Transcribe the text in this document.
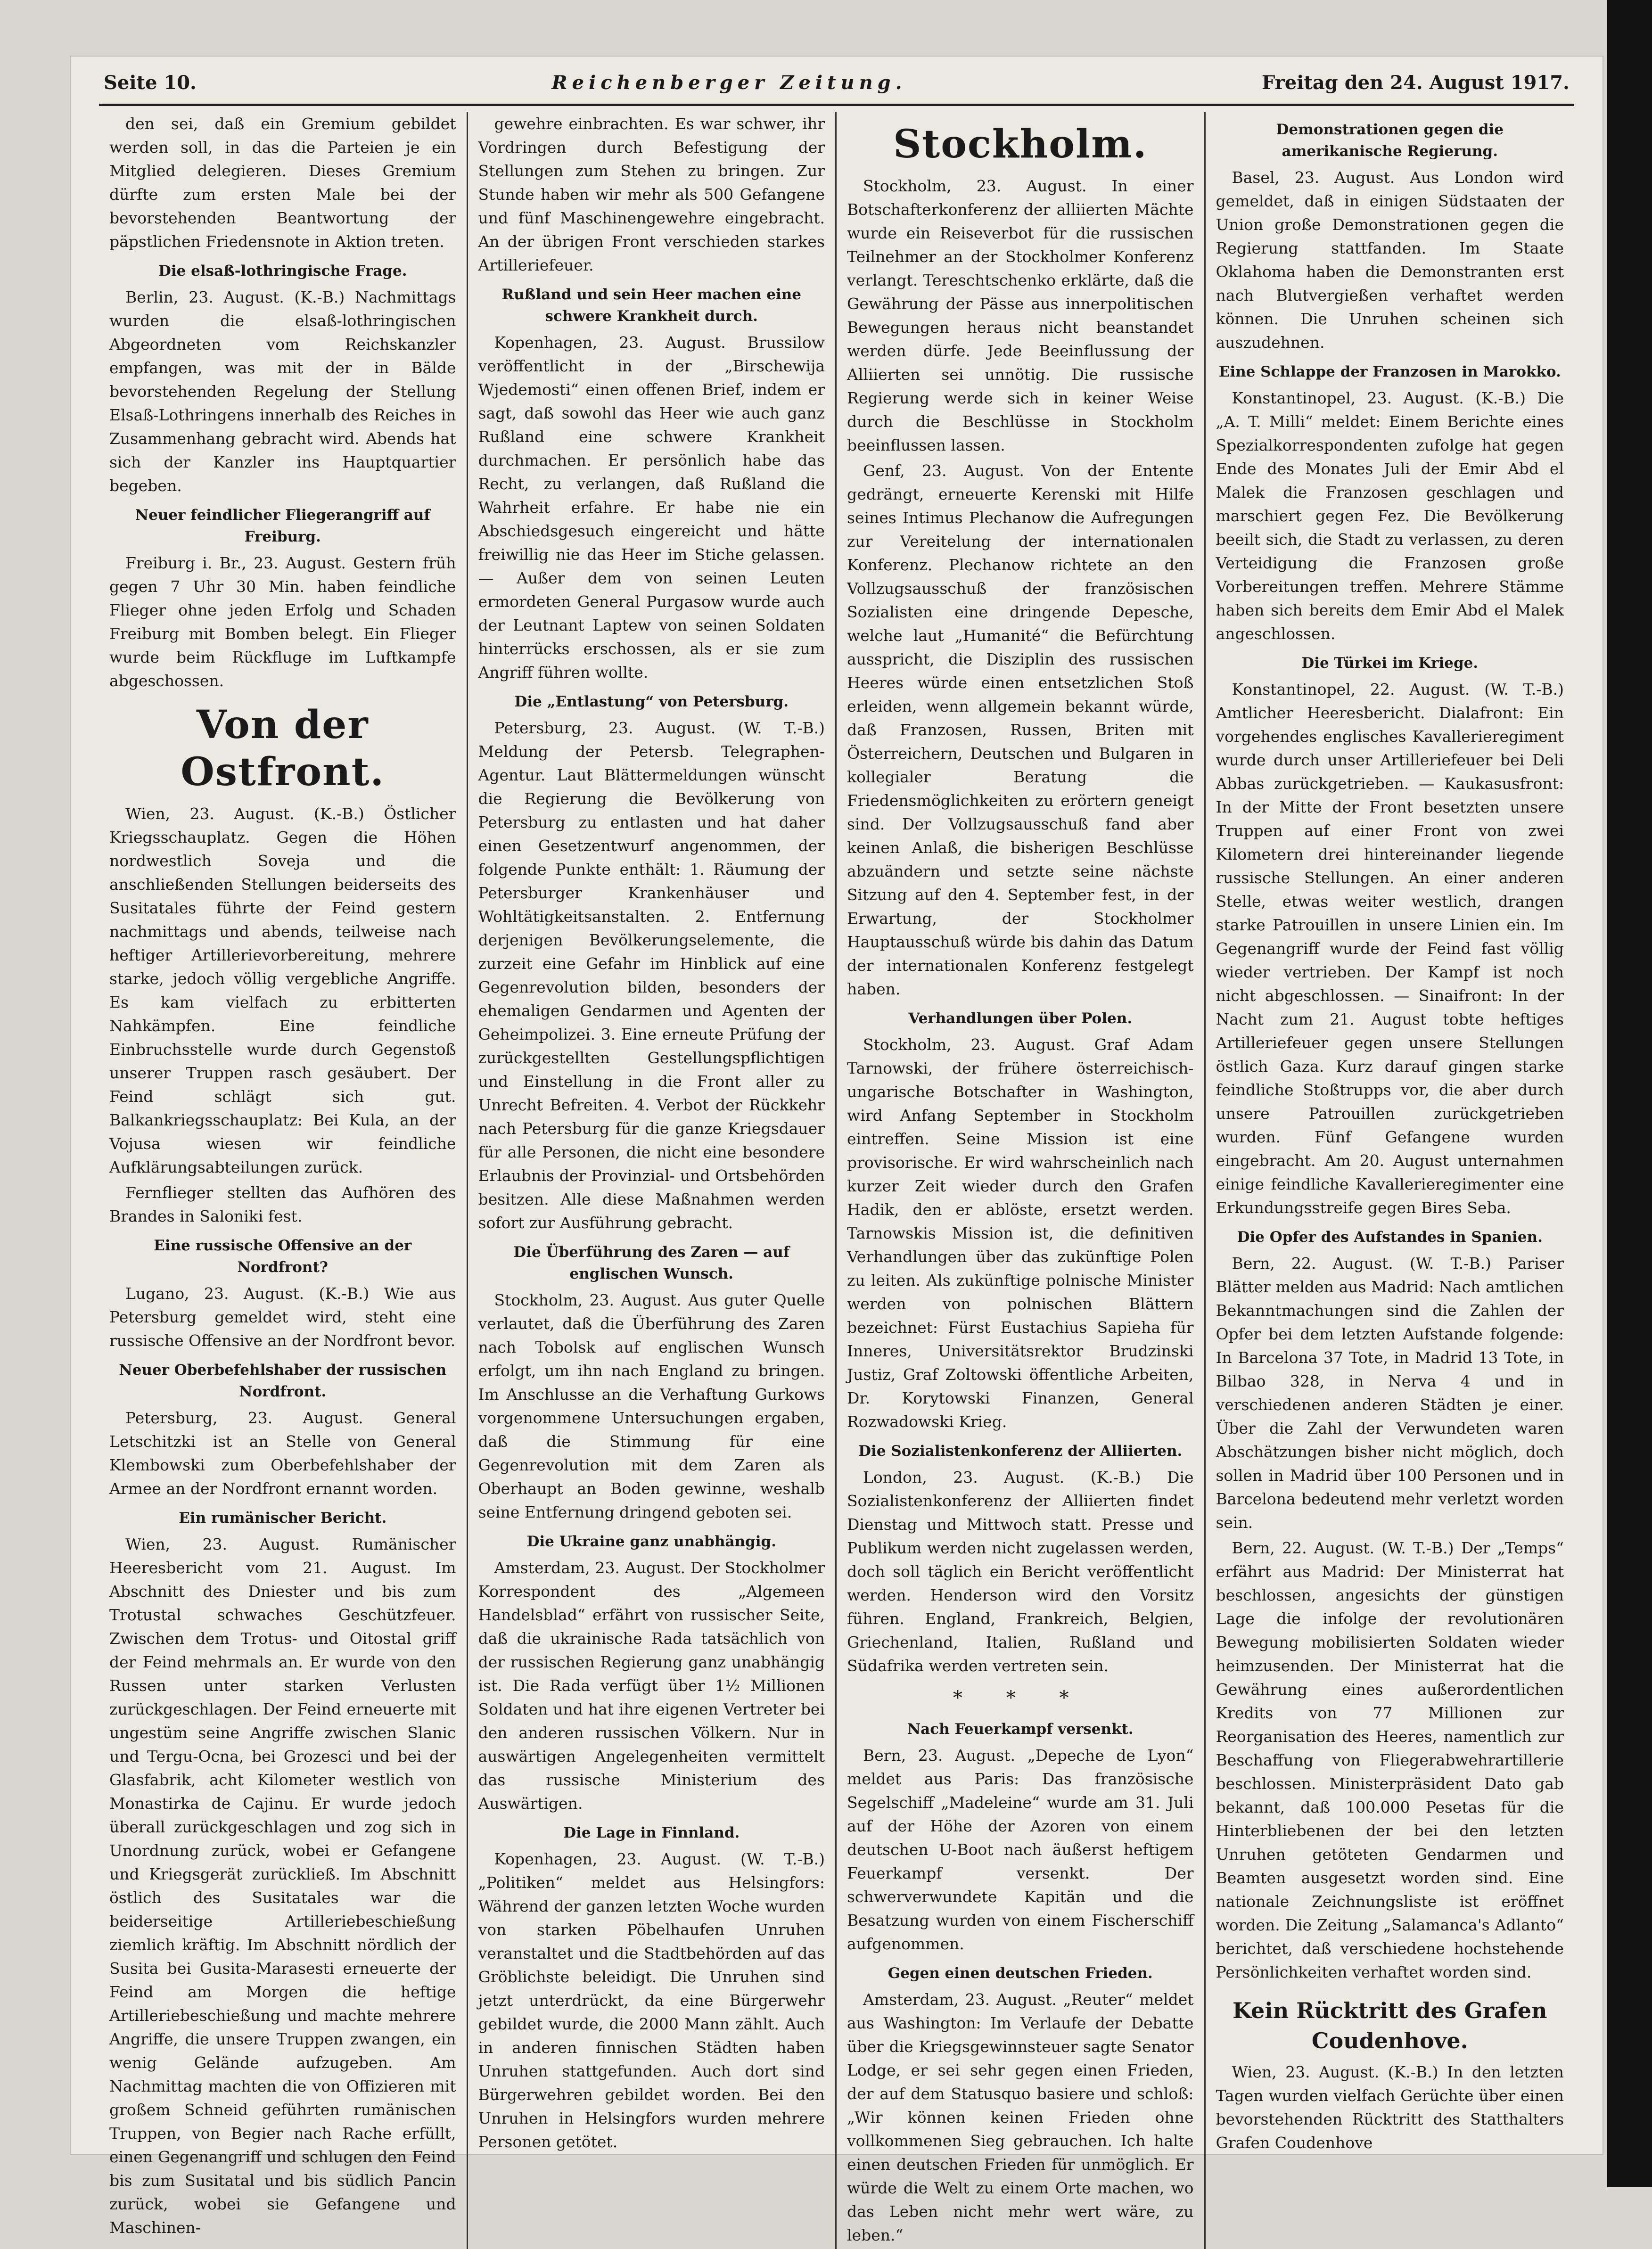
Seite 10.	Reichenberger Zeitung.	Freitag den 24. August 1917.

den sei, daß ein Gremium gebildet werden soll, in das die Parteien je ein Mitglied delegieren. Dieses Gremium dürfte zum ersten Male bei der bevorstehenden Beantwortung der päpstlichen Friedensnote in Aktion treten.

Die elsaß-lothringische Frage.

Berlin, 23. August. (K.-B.) Nachmittags wurden die elsaß-lothringischen Abgeordneten vom Reichskanzler empfangen, was mit der in Bälde bevorstehenden Regelung der Stellung Elsaß-Lothringens innerhalb des Reiches in Zusammenhang gebracht wird. Abends hat sich der Kanzler ins Hauptquartier begeben.

Neuer feindlicher Fliegerangriff auf Freiburg.

Freiburg i. Br., 23. August. Gestern früh gegen 7 Uhr 30 Min. haben feindliche Flieger ohne jeden Erfolg und Schaden Freiburg mit Bomben belegt. Ein Flieger wurde beim Rückfluge im Luftkampfe abgeschossen.

Von der Ostfront.

Wien, 23. August. (K.-B.) Östlicher Kriegsschauplatz. Gegen die Höhen nordwestlich Soveja und die anschließenden Stellungen beiderseits des Susitatales führte der Feind gestern nachmittags und abends, teilweise nach heftiger Artillerievorbereitung, mehrere starke, jedoch völlig vergebliche Angriffe. Es kam vielfach zu erbitterten Nahkämpfen. Eine feindliche Einbruchsstelle wurde durch Gegenstoß unserer Truppen rasch gesäubert. Der Feind schlägt sich gut. Balkankriegsschauplatz: Bei Kula, an der Vojusa wiesen wir feindliche Aufklärungsabteilungen zurück.

Fernflieger stellten das Aufhören des Brandes in Saloniki fest.

Eine russische Offensive an der Nordfront?

Lugano, 23. August. (K.-B.) Wie aus Petersburg gemeldet wird, steht eine russische Offensive an der Nordfront bevor.

Neuer Oberbefehlshaber der russischen Nordfront.

Petersburg, 23. August. General Letschitzki ist an Stelle von General Klembowski zum Oberbefehlshaber der Armee an der Nordfront ernannt worden.

Ein rumänischer Bericht.

Wien, 23. August. Rumänischer Heeresbericht vom 21. August. Im Abschnitt des Dniester und bis zum Trotustal schwaches Geschützfeuer. Zwischen dem Trotus- und Oitostal griff der Feind mehrmals an. Er wurde von den Russen unter starken Verlusten zurückgeschlagen. Der Feind erneuerte mit ungestüm seine Angriffe zwischen Slanic und Tergu-Ocna, bei Grozesci und bei der Glasfabrik, acht Kilometer westlich von Monastirka de Cajinu. Er wurde jedoch überall zurückgeschlagen und zog sich in Unordnung zurück, wobei er Gefangene und Kriegsgerät zurückließ. Im Abschnitt östlich des Susitatales war die beiderseitige Artilleriebeschießung ziemlich kräftig. Im Abschnitt nördlich der Susita bei Gusita-Marasesti erneuerte der Feind am Morgen die heftige Artilleriebeschießung und machte mehrere Angriffe, die unsere Truppen zwangen, ein wenig Gelände aufzugeben. Am Nachmittag machten die von Offizieren mit großem Schneid geführten rumänischen Truppen, von Begier nach Rache erfüllt, einen Gegenangriff und schlugen den Feind bis zum Susitatal und bis südlich Pancin zurück, wobei sie Gefangene und Maschinen-

gewehre einbrachten. Es war schwer, ihr Vordringen durch Befestigung der Stellungen zum Stehen zu bringen. Zur Stunde haben wir mehr als 500 Gefangene und fünf Maschinengewehre eingebracht. An der übrigen Front verschieden starkes Artilleriefeuer.

Rußland und sein Heer machen eine schwere Krankheit durch.

Kopenhagen, 23. August. Brussilow veröffentlicht in der „Birschewija Wjedemosti“ einen offenen Brief, indem er sagt, daß sowohl das Heer wie auch ganz Rußland eine schwere Krankheit durchmachen. Er persönlich habe das Recht, zu verlangen, daß Rußland die Wahrheit erfahre. Er habe nie ein Abschiedsgesuch eingereicht und hätte freiwillig nie das Heer im Stiche gelassen. — Außer dem von seinen Leuten ermordeten General Purgasow wurde auch der Leutnant Laptew von seinen Soldaten hinterrücks erschossen, als er sie zum Angriff führen wollte.

Die „Entlastung“ von Petersburg.

Petersburg, 23. August. (W. T.-B.) Meldung der Petersb. Telegraphen-Agentur. Laut Blättermeldungen wünscht die Regierung die Bevölkerung von Petersburg zu entlasten und hat daher einen Gesetzentwurf angenommen, der folgende Punkte enthält: 1. Räumung der Petersburger Krankenhäuser und Wohltätigkeitsanstalten. 2. Entfernung derjenigen Bevölkerungselemente, die zurzeit eine Gefahr im Hinblick auf eine Gegenrevolution bilden, besonders der ehemaligen Gendarmen und Agenten der Geheimpolizei. 3. Eine erneute Prüfung der zurückgestellten Gestellungspflichtigen und Einstellung in die Front aller zu Unrecht Befreiten. 4. Verbot der Rückkehr nach Petersburg für die ganze Kriegsdauer für alle Personen, die nicht eine besondere Erlaubnis der Provinzial- und Ortsbehörden besitzen. Alle diese Maßnahmen werden sofort zur Ausführung gebracht.

Die Überführung des Zaren — auf englischen Wunsch.

Stockholm, 23. August. Aus guter Quelle verlautet, daß die Überführung des Zaren nach Tobolsk auf englischen Wunsch erfolgt, um ihn nach England zu bringen. Im Anschlusse an die Verhaftung Gurkows vorgenommene Untersuchungen ergaben, daß die Stimmung für eine Gegenrevolution mit dem Zaren als Oberhaupt an Boden gewinne, weshalb seine Entfernung dringend geboten sei.

Die Ukraine ganz unabhängig.

Amsterdam, 23. August. Der Stockholmer Korrespondent des „Algemeen Handelsblad“ erfährt von russischer Seite, daß die ukrainische Rada tatsächlich von der russischen Regierung ganz unabhängig ist. Die Rada verfügt über 1½ Millionen Soldaten und hat ihre eigenen Vertreter bei den anderen russischen Völkern. Nur in auswärtigen Angelegenheiten vermittelt das russische Ministerium des Auswärtigen.

Die Lage in Finnland.

Kopenhagen, 23. August. (W. T.-B.) „Politiken“ meldet aus Helsingfors: Während der ganzen letzten Woche wurden von starken Pöbelhaufen Unruhen veranstaltet und die Stadtbehörden auf das Gröblichste beleidigt. Die Unruhen sind jetzt unterdrückt, da eine Bürgerwehr gebildet wurde, die 2000 Mann zählt. Auch in anderen finnischen Städten haben Unruhen stattgefunden. Auch dort sind Bürgerwehren gebildet worden. Bei den Unruhen in Helsingfors wurden mehrere Personen getötet.

Stockholm.

Stockholm, 23. August. In einer Botschafterkonferenz der alliierten Mächte wurde ein Reiseverbot für die russischen Teilnehmer an der Stockholmer Konferenz verlangt. Tereschtschenko erklärte, daß die Gewährung der Pässe aus innerpolitischen Bewegungen heraus nicht beanstandet werden dürfe. Jede Beeinflussung der Alliierten sei unnötig. Die russische Regierung werde sich in keiner Weise durch die Beschlüsse in Stockholm beeinflussen lassen.

Genf, 23. August. Von der Entente gedrängt, erneuerte Kerenski mit Hilfe seines Intimus Plechanow die Aufregungen zur Vereitelung der internationalen Konferenz. Plechanow richtete an den Vollzugsausschuß der französischen Sozialisten eine dringende Depesche, welche laut „Humanité“ die Befürchtung ausspricht, die Disziplin des russischen Heeres würde einen entsetzlichen Stoß erleiden, wenn allgemein bekannt würde, daß Franzosen, Russen, Briten mit Österreichern, Deutschen und Bulgaren in kollegialer Beratung die Friedensmöglichkeiten zu erörtern geneigt sind. Der Vollzugsausschuß fand aber keinen Anlaß, die bisherigen Beschlüsse abzuändern und setzte seine nächste Sitzung auf den 4. September fest, in der Erwartung, der Stockholmer Hauptausschuß würde bis dahin das Datum der internationalen Konferenz festgelegt haben.

Verhandlungen über Polen.

Stockholm, 23. August. Graf Adam Tarnowski, der frühere österreichisch-ungarische Botschafter in Washington, wird Anfang September in Stockholm eintreffen. Seine Mission ist eine provisorische. Er wird wahrscheinlich nach kurzer Zeit wieder durch den Grafen Hadik, den er ablöste, ersetzt werden. Tarnowskis Mission ist, die definitiven Verhandlungen über das zukünftige Polen zu leiten. Als zukünftige polnische Minister werden von polnischen Blättern bezeichnet: Fürst Eustachius Sapieha für Inneres, Universitätsrektor Brudzinski Justiz, Graf Zoltowski öffentliche Arbeiten, Dr. Korytowski Finanzen, General Rozwadowski Krieg.

Die Sozialistenkonferenz der Alliierten.

London, 23. August. (K.-B.) Die Sozialistenkonferenz der Alliierten findet Dienstag und Mittwoch statt. Presse und Publikum werden nicht zugelassen werden, doch soll täglich ein Bericht veröffentlicht werden. Henderson wird den Vorsitz führen. England, Frankreich, Belgien, Griechenland, Italien, Rußland und Südafrika werden vertreten sein.

* * *
Nach Feuerkampf versenkt.

Bern, 23. August. „Depeche de Lyon“ meldet aus Paris: Das französische Segelschiff „Madeleine“ wurde am 31. Juli auf der Höhe der Azoren von einem deutschen U-Boot nach äußerst heftigem Feuerkampf versenkt. Der schwerverwundete Kapitän und die Besatzung wurden von einem Fischerschiff aufgenommen.

Gegen einen deutschen Frieden.

Amsterdam, 23. August. „Reuter“ meldet aus Washington: Im Verlaufe der Debatte über die Kriegsgewinnsteuer sagte Senator Lodge, er sei sehr gegen einen Frieden, der auf dem Statusquo basiere und schloß: „Wir können keinen Frieden ohne vollkommenen Sieg gebrauchen. Ich halte einen deutschen Frieden für unmöglich. Er würde die Welt zu einem Orte machen, wo das Leben nicht mehr wert wäre, zu leben.“

Demonstrationen gegen die amerikanische Regierung.

Basel, 23. August. Aus London wird gemeldet, daß in einigen Südstaaten der Union große Demonstrationen gegen die Regierung stattfanden. Im Staate Oklahoma haben die Demonstranten erst nach Blutvergießen verhaftet werden können. Die Unruhen scheinen sich auszudehnen.

Eine Schlappe der Franzosen in Marokko.

Konstantinopel, 23. August. (K.-B.) Die „A. T. Milli“ meldet: Einem Berichte eines Spezialkorrespondenten zufolge hat gegen Ende des Monates Juli der Emir Abd el Malek die Franzosen geschlagen und marschiert gegen Fez. Die Bevölkerung beeilt sich, die Stadt zu verlassen, zu deren Verteidigung die Franzosen große Vorbereitungen treffen. Mehrere Stämme haben sich bereits dem Emir Abd el Malek angeschlossen.

Die Türkei im Kriege.

Konstantinopel, 22. August. (W. T.-B.) Amtlicher Heeresbericht. Dialafront: Ein vorgehendes englisches Kavallerieregiment wurde durch unser Artilleriefeuer bei Deli Abbas zurückgetrieben. — Kaukasusfront: In der Mitte der Front besetzten unsere Truppen auf einer Front von zwei Kilometern drei hintereinander liegende russische Stellungen. An einer anderen Stelle, etwas weiter westlich, drangen starke Patrouillen in unsere Linien ein. Im Gegenangriff wurde der Feind fast völlig wieder vertrieben. Der Kampf ist noch nicht abgeschlossen. — Sinaifront: In der Nacht zum 21. August tobte heftiges Artilleriefeuer gegen unsere Stellungen östlich Gaza. Kurz darauf gingen starke feindliche Stoßtrupps vor, die aber durch unsere Patrouillen zurückgetrieben wurden. Fünf Gefangene wurden eingebracht. Am 20. August unternahmen einige feindliche Kavallerieregimenter eine Erkundungsstreife gegen Bires Seba.

Die Opfer des Aufstandes in Spanien.

Bern, 22. August. (W. T.-B.) Pariser Blätter melden aus Madrid: Nach amtlichen Bekanntmachungen sind die Zahlen der Opfer bei dem letzten Aufstande folgende: In Barcelona 37 Tote, in Madrid 13 Tote, in Bilbao 328, in Nerva 4 und in verschiedenen anderen Städten je einer. Über die Zahl der Verwundeten waren Abschätzungen bisher nicht möglich, doch sollen in Madrid über 100 Personen und in Barcelona bedeutend mehr verletzt worden sein.

Bern, 22. August. (W. T.-B.) Der „Temps“ erfährt aus Madrid: Der Ministerrat hat beschlossen, angesichts der günstigen Lage die infolge der revolutionären Bewegung mobilisierten Soldaten wieder heimzusenden. Der Ministerrat hat die Gewährung eines außerordentlichen Kredits von 77 Millionen zur Reorganisation des Heeres, namentlich zur Beschaffung von Fliegerabwehrartillerie beschlossen. Ministerpräsident Dato gab bekannt, daß 100.000 Pesetas für die Hinterbliebenen der bei den letzten Unruhen getöteten Gendarmen und Beamten ausgesetzt worden sind. Eine nationale Zeichnungsliste ist eröffnet worden. Die Zeitung „Salamanca's Adlanto“ berichtet, daß verschiedene hochstehende Persönlichkeiten verhaftet worden sind.

Kein Rücktritt des Grafen Coudenhove.

Wien, 23. August. (K.-B.) In den letzten Tagen wurden vielfach Gerüchte über einen bevorstehenden Rücktritt des Statthalters Grafen Coudenhove
